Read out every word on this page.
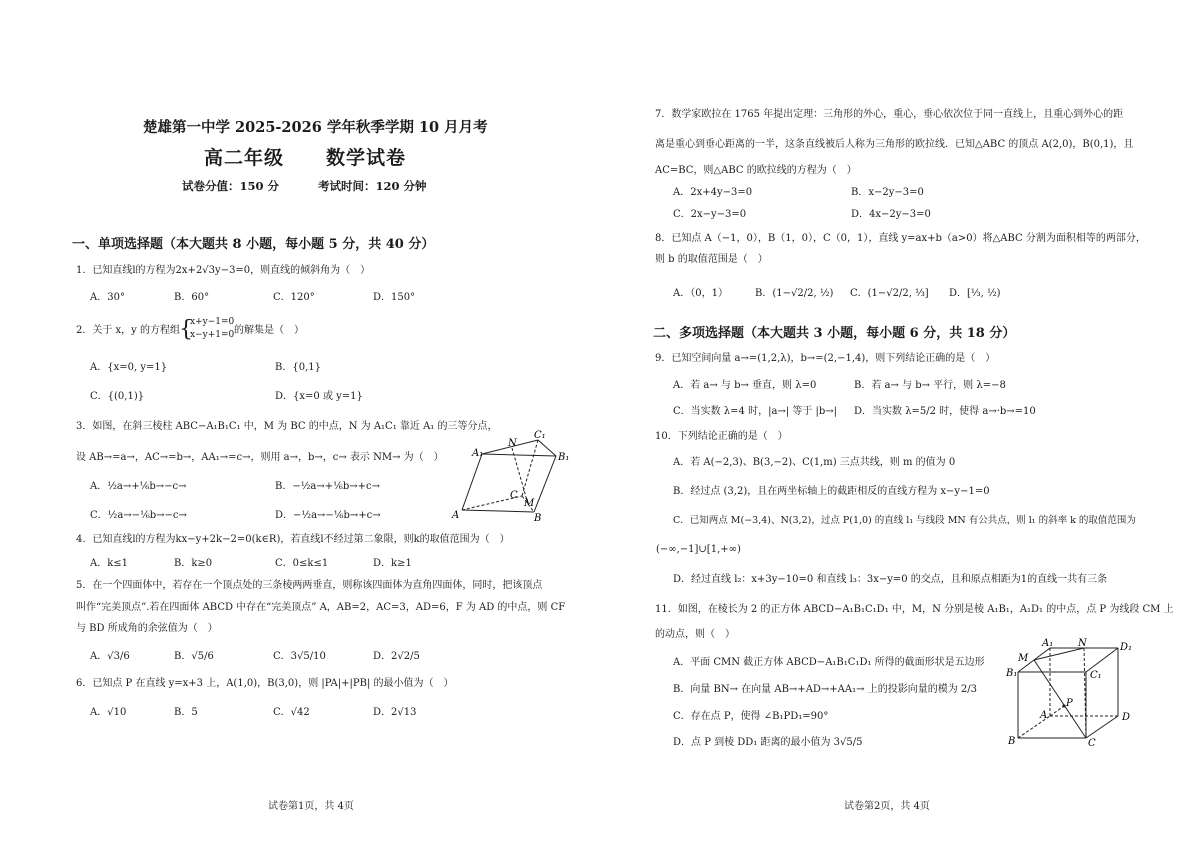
楚雄第一中学 2025-2026 学年秋季学期 10 月月考
高二年级 数学试卷
试卷分值：150 分	考试时间：120 分钟
一、单项选择题（本大题共 8 小题，每小题 5 分，共 40 分）
1．已知直线l的方程为2x+2√3y−3=0，则直线的倾斜角为（　）
A．30°	B．60°	C．120°	D．150°
2．关于 x，y 的方程组
{
x+y−1=0
x−y+1=0 的解集是（　）
A．{x=0, y=1}	B．{0,1}
C．{(0,1)}	D．{x=0 或 y=1}
3．如图，在斜三棱柱 ABC−A₁B₁C₁ 中，M 为 BC 的中点，N 为 A₁C₁ 靠近 A₁ 的三等分点，
设 AB→=a→，AC→=b→，AA₁→=c→，则用 a→，b→，c→ 表示 NM→ 为（　）
A．½a→+⅙b→−c→	B．−½a→+⅙b→+c→
C．½a→−⅙b→−c→	D．−½a→−⅙b→+c→
A₁
N
C₁
B₁
C
M
A	B
4．已知直线l的方程为kx−y+2k−2=0(k∈R)，若直线l不经过第二象限，则k的取值范围为（　）
A．k≤1	B．k≥0	C．0≤k≤1	D．k≥1
5．在一个四面体中，若存在一个顶点处的三条棱两两垂直，则称该四面体为直角四面体，同时，把该顶点
叫作“完美顶点”.若在四面体 ABCD 中存在“完美顶点” A，AB=2，AC=3，AD=6，F 为 AD 的中点，则 CF
与 BD 所成角的余弦值为（　）
A．√3/6	B．√5/6	C．3√5/10	D．2√2/5
6．已知点 P 在直线 y=x+3 上，A(1,0)，B(3,0)，则 |PA|+|PB| 的最小值为（　）
A．√10	B．5	C．√42	D．2√13
试卷第1页，共 4页
7．数学家欧拉在 1765 年提出定理：三角形的外心，重心，垂心依次位于同一直线上，且重心到外心的距
离是重心到垂心距离的一半，这条直线被后人称为三角形的欧拉线．已知△ABC 的顶点 A(2,0)，B(0,1)，且
AC=BC，则△ABC 的欧拉线的方程为（　）
A．2x+4y−3=0	B．x−2y−3=0
C．2x−y−3=0	D．4x−2y−3=0
8．已知点 A（−1，0），B（1，0），C（0，1），直线 y=ax+b（a>0）将△ABC 分割为面积相等的两部分，
则 b 的取值范围是（　）
A．（0，1）	B．(1−√2/2, ½) C．(1−√2/2, ⅓] D．[⅓, ½)
二、多项选择题（本大题共 3 小题，每小题 6 分，共 18 分）
9．已知空间向量 a→=(1,2,λ)，b→=(2,−1,4)，则下列结论正确的是（　）
A．若 a→ 与 b→ 垂直，则 λ=0	B．若 a→ 与 b→ 平行，则 λ=−8
C．当实数 λ=4 时，|a→| 等于 |b→| D．当实数 λ=5/2 时，使得 a→·b→=10
10．下列结论正确的是（　）
A．若 A(−2,3)、B(3,−2)、C(1,m) 三点共线，则 m 的值为 0
B．经过点 (3,2)，且在两坐标轴上的截距相反的直线方程为 x−y−1=0
C．已知两点 M(−3,4)、N(3,2)，过点 P(1,0) 的直线 l₁ 与线段 MN 有公共点，则 l₁ 的斜率 k 的取值范围为
(−∞,−1]∪[1,+∞)
D．经过直线 l₂：x+3y−10=0 和直线 l₃：3x−y=0 的交点，且和原点相距为1的直线一共有三条
11．如图，在棱长为 2 的正方体 ABCD−A₁B₁C₁D₁ 中，M，N 分别是棱 A₁B₁，A₁D₁ 的中点，点 P 为线段 CM 上
的动点，则（　）
A．平面 CMN 截正方体 ABCD−A₁B₁C₁D₁ 所得的截面形状是五边形
B．向量 BN→ 在向量 AB→+AD→+AA₁→ 上的投影向量的模为 2/3
C．存在点 P，使得 ∠B₁PD₁=90°
D．点 P 到棱 DD₁ 距离的最小值为 3√5/5
A₁ N	D₁
M
B₁	C₁
A
P
D
B	C
试卷第2页，共 4页
